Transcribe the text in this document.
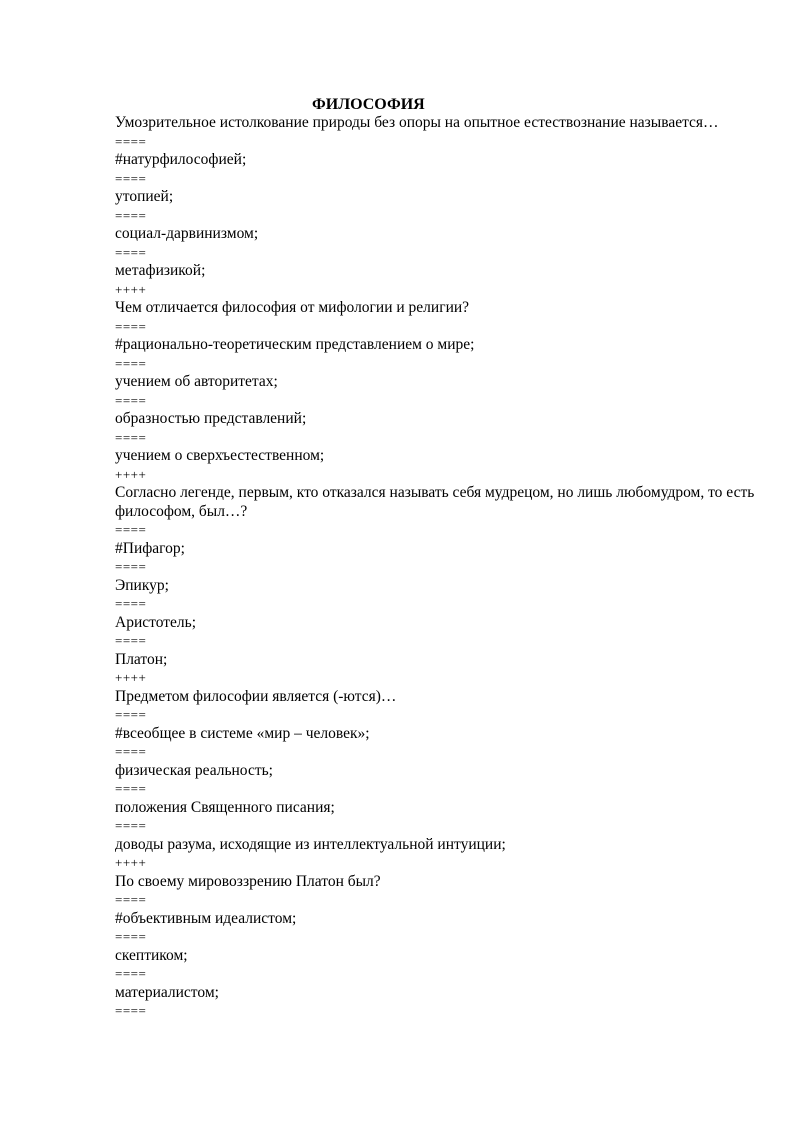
ФИЛОСОФИЯ
Умозрительное истолкование природы без опоры на опытное естествознание называется…
====
#натурфилософией;
====
утопией;
====
социал-дарвинизмом;
====
метафизикой;
++++
Чем отличается философия от мифологии и религии?
====
#рационально-теоретическим представлением о мире;
====
учением об авторитетах;
====
образностью представлений;
====
учением о сверхъестественном;
++++
Согласно легенде, первым, кто отказался называть себя мудрецом, но лишь любомудром, то есть философом, был…?
====
#Пифагор;
====
Эпикур;
====
Аристотель;
====
Платон;
++++
Предметом философии является (-ются)…
====
#всеобщее в системе «мир – человек»;
====
физическая реальность;
====
положения Священного писания;
====
доводы разума, исходящие из интеллектуальной интуиции;
++++
По своему мировоззрению Платон был?
====
#объективным идеалистом;
====
скептиком;
====
материалистом;
====
